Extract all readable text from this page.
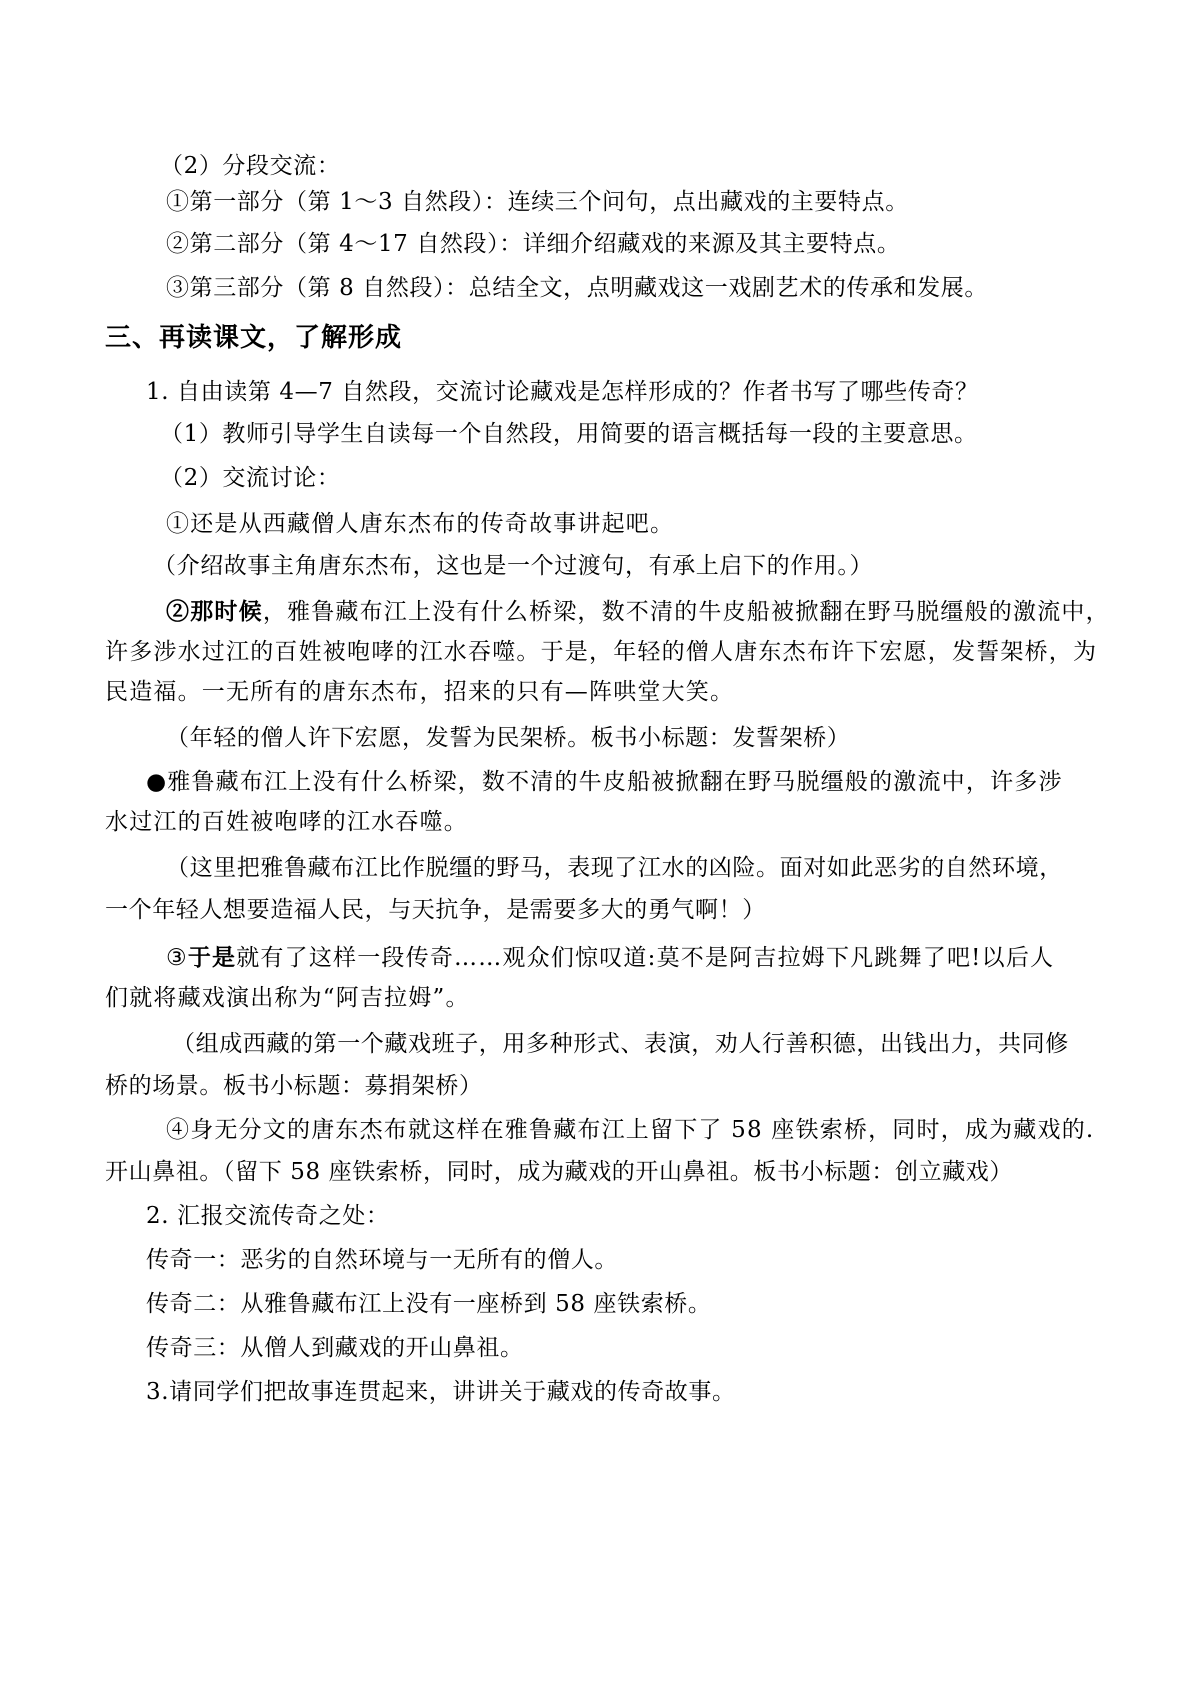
（2）分段交流：
①第一部分（第 1～3 自然段）：连续三个问句，点出藏戏的主要特点。
②第二部分（第 4～17 自然段）：详细介绍藏戏的来源及其主要特点。
③第三部分（第 8 自然段）：总结全文，点明藏戏这一戏剧艺术的传承和发展。
三、再读课文，了解形成
1. 自由读第 4—7 自然段，交流讨论藏戏是怎样形成的？作者书写了哪些传奇？
（1）教师引导学生自读每一个自然段，用简要的语言概括每一段的主要意思。
（2）交流讨论：
①还是从西藏僧人唐东杰布的传奇故事讲起吧。
（介绍故事主角唐东杰布，这也是一个过渡句，有承上启下的作用。）
②那时候，雅鲁藏布江上没有什么桥梁，数不清的牛皮船被掀翻在野马脱缰般的激流中，
许多涉水过江的百姓被咆哮的江水吞噬。于是，年轻的僧人唐东杰布许下宏愿，发誓架桥，为
民造福。一无所有的唐东杰布，招来的只有—阵哄堂大笑。
（年轻的僧人许下宏愿，发誓为民架桥。板书小标题：发誓架桥）
●雅鲁藏布江上没有什么桥梁，数不清的牛皮船被掀翻在野马脱缰般的激流中，许多涉
水过江的百姓被咆哮的江水吞噬。
（这里把雅鲁藏布江比作脱缰的野马，表现了江水的凶险。面对如此恶劣的自然环境，
一个年轻人想要造福人民，与天抗争，是需要多大的勇气啊！）
③于是就有了这样一段传奇……观众们惊叹道:莫不是阿吉拉姆下凡跳舞了吧!以后人
们就将藏戏演出称为“阿吉拉姆”。
（组成西藏的第一个藏戏班子，用多种形式、表演，劝人行善积德，出钱出力，共同修
桥的场景。板书小标题：募捐架桥）
④身无分文的唐东杰布就这样在雅鲁藏布江上留下了 58 座铁索桥，同时，成为藏戏的.
开山鼻祖。（留下 58 座铁索桥，同时，成为藏戏的开山鼻祖。板书小标题：创立藏戏）
2. 汇报交流传奇之处：
传奇一：恶劣的自然环境与一无所有的僧人。
传奇二：从雅鲁藏布江上没有一座桥到 58 座铁索桥。
传奇三：从僧人到藏戏的开山鼻祖。
3.请同学们把故事连贯起来，讲讲关于藏戏的传奇故事。
